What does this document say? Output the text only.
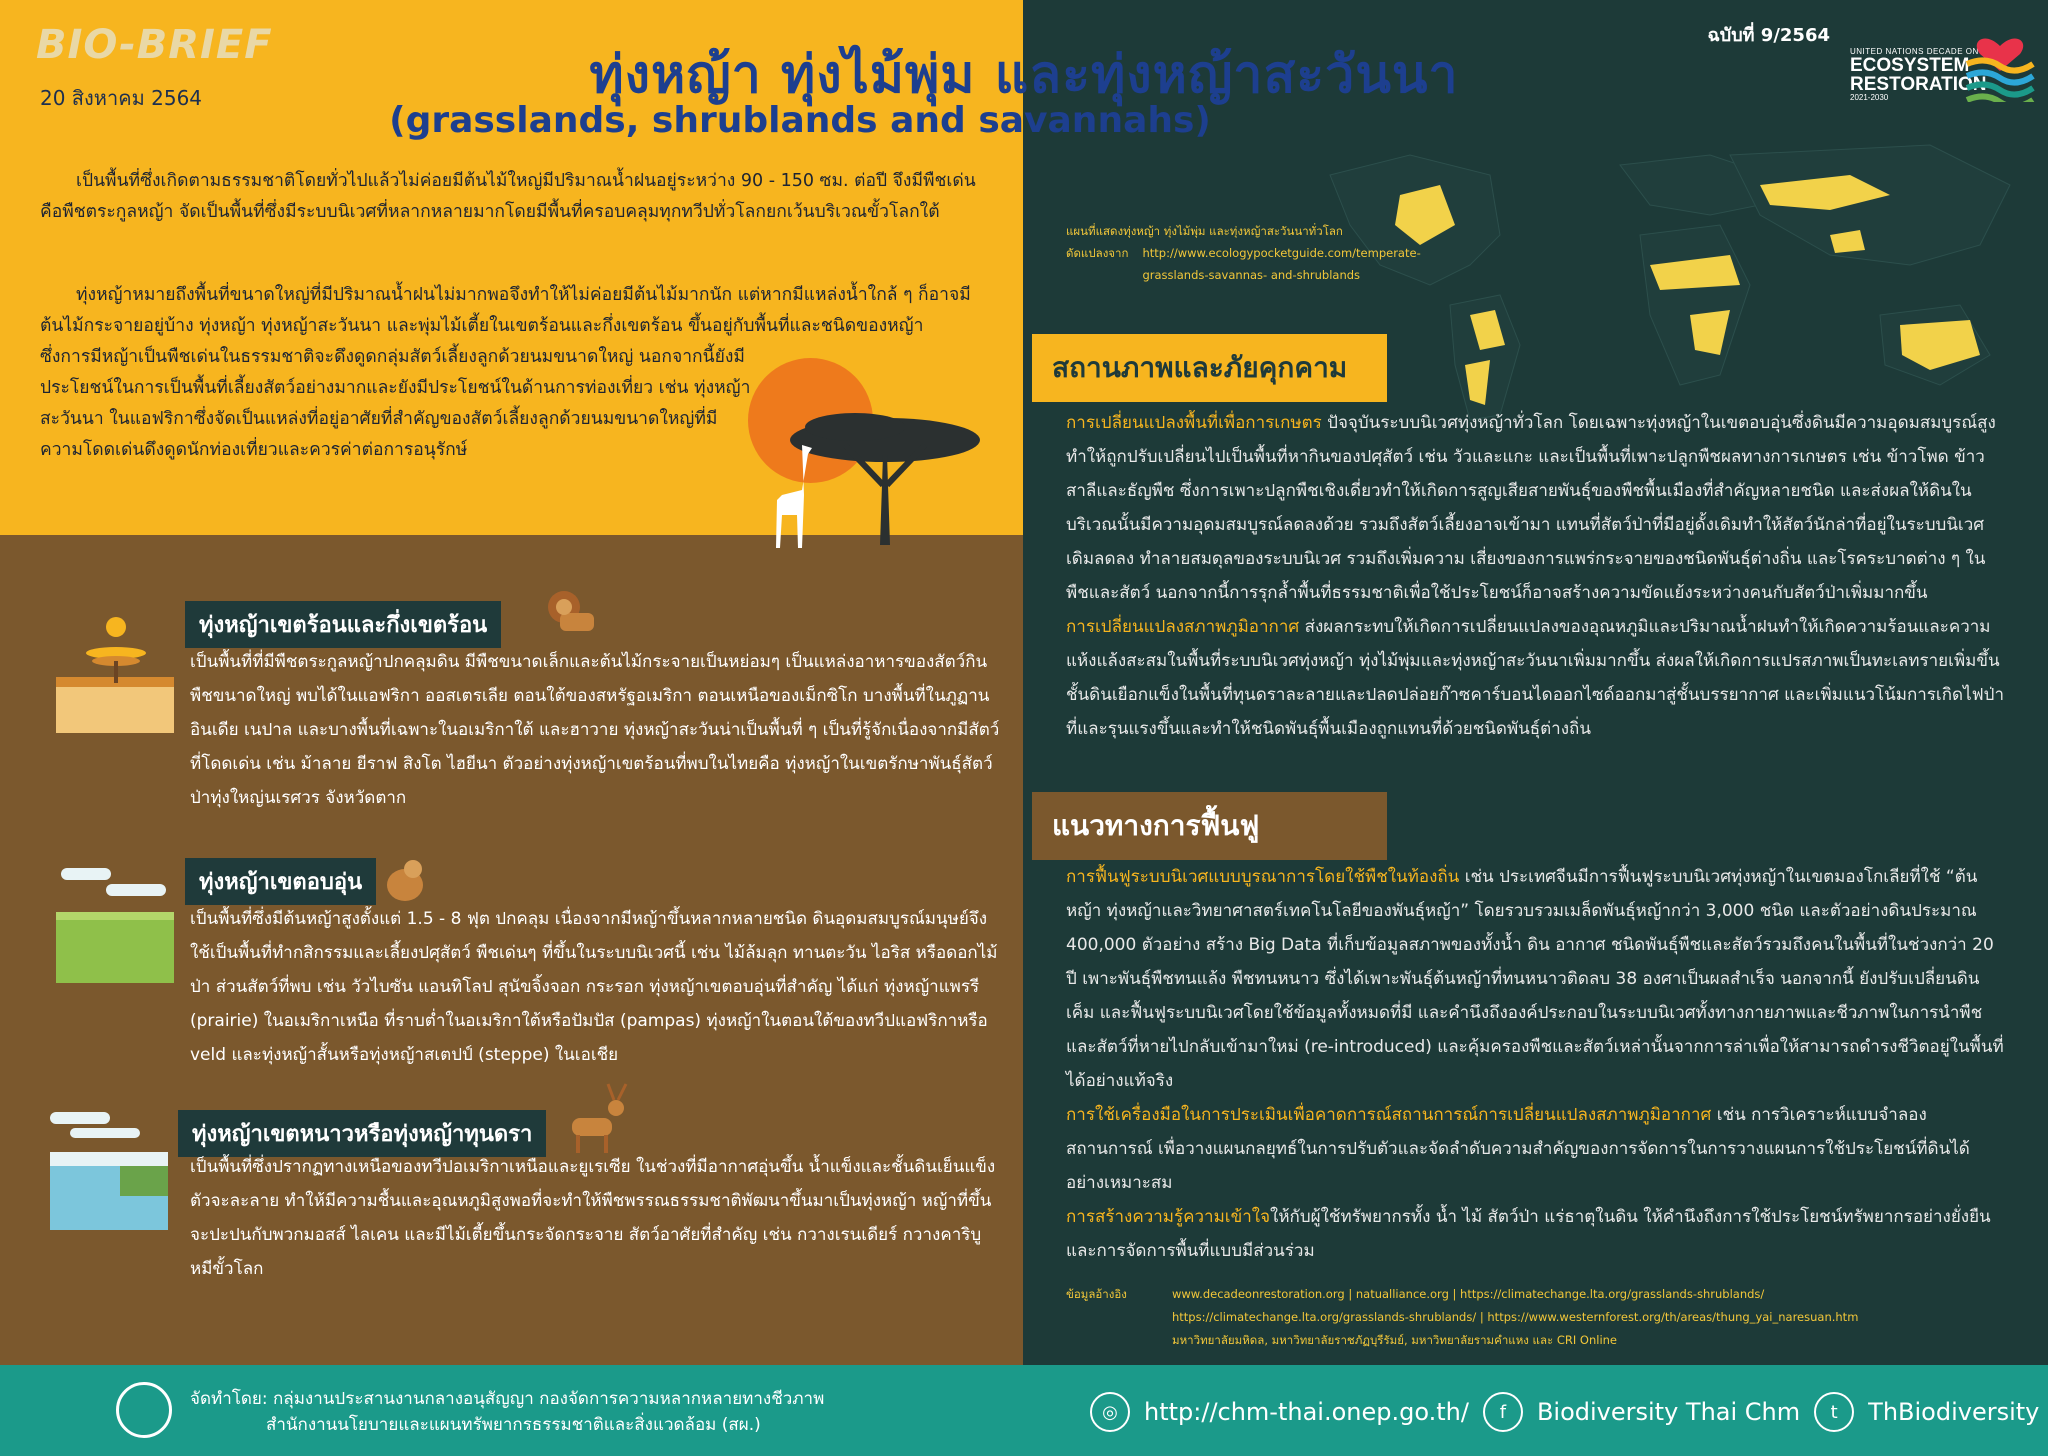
BIO-BRIEF
20 สิงหาคม 2564	ทุ่งหญ้า ทุ่งไม้พุ่ม และทุ่งหญ้าสะวันนา
(grasslands, shrublands and savannahs)
ฉบับที่ 9/2564
UNITED NATIONS DECADE ON
ECOSYSTEM
RESTORATION
2021-2030

เป็นพื้นที่ซึ่งเกิดตามธรรมชาติโดยทั่วไปแล้วไม่ค่อยมีต้นไม้ใหญ่มีปริมาณน้ำฝนอยู่ระหว่าง 90 - 150 ซม. ต่อปี จึงมีพืชเด่นคือพืชตระกูลหญ้า จัดเป็นพื้นที่ซึ่งมีระบบนิเวศที่หลากหลายมากโดยมีพื้นที่ครอบคลุมทุกทวีปทั่วโลกยกเว้นบริเวณขั้วโลกใต้

ทุ่งหญ้าหมายถึงพื้นที่ขนาดใหญ่ที่มีปริมาณน้ำฝนไม่มากพอจึงทำให้ไม่ค่อยมีต้นไม้มากนัก แต่หากมีแหล่งน้ำใกล้ ๆ ก็อาจมีต้นไม้กระจายอยู่บ้าง ทุ่งหญ้า ทุ่งหญ้าสะวันนา และพุ่มไม้เตี้ยในเขตร้อนและกึ่งเขตร้อน ขึ้นอยู่กับพื้นที่และชนิดของหญ้า
ซึ่งการมีหญ้าเป็นพืชเด่นในธรรมชาติจะดึงดูดกลุ่มสัตว์เลี้ยงลูกด้วยนมขนาดใหญ่ นอกจากนี้ยังมีประโยชน์ในการเป็นพื้นที่เลี้ยงสัตว์อย่างมากและยังมีประโยชน์ในด้านการท่องเที่ยว เช่น ทุ่งหญ้าสะวันนา ในแอฟริกาซึ่งจัดเป็นแหล่งที่อยู่อาศัยที่สำคัญของสัตว์เลี้ยงลูกด้วยนมขนาดใหญ่ที่มีความโดดเด่นดึงดูดนักท่องเที่ยวและควรค่าต่อการอนุรักษ์
ทุ่งหญ้าเขตร้อนและกึ่งเขตร้อน
เป็นพื้นที่ที่มีพืชตระกูลหญ้าปกคลุมดิน มีพืชขนาดเล็กและต้นไม้กระจายเป็นหย่อมๆ เป็นแหล่งอาหารของสัตว์กินพืชขนาดใหญ่ พบได้ในแอฟริกา ออสเตรเลีย ตอนใต้ของสหรัฐอเมริกา ตอนเหนือของเม็กซิโก บางพื้นที่ในภูฏาน อินเดีย เนปาล และบางพื้นที่เฉพาะในอเมริกาใต้ และฮาวาย ทุ่งหญ้าสะวันน่าเป็นพื้นที่ ๆ เป็นที่รู้จักเนื่องจากมีสัตว์ที่โดดเด่น เช่น ม้าลาย ยีราฟ สิงโต ไฮยีนา ตัวอย่างทุ่งหญ้าเขตร้อนที่พบในไทยคือ ทุ่งหญ้าในเขตรักษาพันธุ์สัตว์ป่าทุ่งใหญ่นเรศวร จังหวัดตาก
ทุ่งหญ้าเขตอบอุ่น
เป็นพื้นที่ซึ่งมีต้นหญ้าสูงตั้งแต่ 1.5 - 8 ฟุต ปกคลุม เนื่องจากมีหญ้าขึ้นหลากหลายชนิด ดินอุดมสมบูรณ์มนุษย์จึงใช้เป็นพื้นที่ทำกสิกรรมและเลี้ยงปศุสัตว์ พืชเด่นๆ ที่ขึ้นในระบบนิเวศนี้ เช่น ไม้ล้มลุก ทานตะวัน ไอริส หรือดอกไม้ป่า ส่วนสัตว์ที่พบ เช่น วัวไบซัน แอนทิโลป สุนัขจิ้งจอก กระรอก ทุ่งหญ้าเขตอบอุ่นที่สำคัญ ได้แก่ ทุ่งหญ้าแพรรี (prairie) ในอเมริกาเหนือ ที่ราบต่ำในอเมริกาใต้หรือปัมปัส (pampas) ทุ่งหญ้าในตอนใต้ของทวีปแอฟริกาหรือ veld และทุ่งหญ้าสั้นหรือทุ่งหญ้าสเตปป์ (steppe) ในเอเชีย
ทุ่งหญ้าเขตหนาวหรือทุ่งหญ้าทุนดรา
เป็นพื้นที่ซึ่งปรากฏทางเหนือของทวีปอเมริกาเหนือและยูเรเซีย ในช่วงที่มีอากาศอุ่นขึ้น น้ำแข็งและชั้นดินเย็นแข็งตัวจะละลาย ทำให้มีความชื้นและอุณหภูมิสูงพอที่จะทำให้พืชพรรณธรรมชาติพัฒนาขึ้นมาเป็นทุ่งหญ้า หญ้าที่ขึ้นจะปะปนกับพวกมอสส์ ไลเคน และมีไม้เตี้ยขึ้นกระจัดกระจาย สัตว์อาศัยที่สำคัญ เช่น กวางเรนเดียร์ กวางคาริบู หมีขั้วโลก
แผนที่แสดงทุ่งหญ้า ทุ่งไม้พุ่ม และทุ่งหญ้าสะวันนาทั่วโลก
ดัดแปลงจาก http://www.ecologypocketguide.com/temperate-grasslands-savannas- and-shrublands
สถานภาพและภัยคุกคาม
การเปลี่ยนแปลงพื้นที่เพื่อการเกษตร ปัจจุบันระบบนิเวศทุ่งหญ้าทั่วโลก โดยเฉพาะทุ่งหญ้าในเขตอบอุ่นซึ่งดินมีความอุดมสมบูรณ์สูงทำให้ถูกปรับเปลี่ยนไปเป็นพื้นที่หากินของปศุสัตว์ เช่น วัวและแกะ และเป็นพื้นที่เพาะปลูกพืชผลทางการเกษตร เช่น ข้าวโพด ข้าวสาลีและธัญพืช ซึ่งการเพาะปลูกพืชเชิงเดี่ยวทำให้เกิดการสูญเสียสายพันธุ์ของพืชพื้นเมืองที่สำคัญหลายชนิด และส่งผลให้ดินในบริเวณนั้นมีความอุดมสมบูรณ์ลดลงด้วย รวมถึงสัตว์เลี้ยงอาจเข้ามา แทนที่สัตว์ป่าที่มีอยู่ดั้งเดิมทำให้สัตว์นักล่าที่อยู่ในระบบนิเวศเดิมลดลง ทำลายสมดุลของระบบนิเวศ รวมถึงเพิ่มความ เสี่ยงของการแพร่กระจายของชนิดพันธุ์ต่างถิ่น และโรคระบาดต่าง ๆ ในพืชและสัตว์ นอกจากนี้การรุกล้ำพื้นที่ธรรมชาติเพื่อใช้ประโยชน์ก็อาจสร้างความขัดแย้งระหว่างคนกับสัตว์ป่าเพิ่มมากขึ้น
การเปลี่ยนแปลงสภาพภูมิอากาศ ส่งผลกระทบให้เกิดการเปลี่ยนแปลงของอุณหภูมิและปริมาณน้ำฝนทำให้เกิดความร้อนและความแห้งแล้งสะสมในพื้นที่ระบบนิเวศทุ่งหญ้า ทุ่งไม้พุ่มและทุ่งหญ้าสะวันนาเพิ่มมากขึ้น ส่งผลให้เกิดการแปรสภาพเป็นทะเลทรายเพิ่มขึ้น ชั้นดินเยือกแข็งในพื้นที่ทุนดราละลายและปลดปล่อยก๊าซคาร์บอนไดออกไซด์ออกมาสู่ชั้นบรรยากาศ และเพิ่มแนวโน้มการเกิดไฟป่าที่และรุนแรงขึ้นและทำให้ชนิดพันธุ์พื้นเมืองถูกแทนที่ด้วยชนิดพันธุ์ต่างถิ่น
แนวทางการฟื้นฟู
การฟื้นฟูระบบนิเวศแบบบูรณาการโดยใช้พืชในท้องถิ่น เช่น ประเทศจีนมีการฟื้นฟูระบบนิเวศทุ่งหญ้าในเขตมองโกเลียที่ใช้ “ต้นหญ้า ทุ่งหญ้าและวิทยาศาสตร์เทคโนโลยีของพันธุ์หญ้า” โดยรวบรวมเมล็ดพันธุ์หญ้ากว่า 3,000 ชนิด และตัวอย่างดินประมาณ 400,000 ตัวอย่าง สร้าง Big Data ที่เก็บข้อมูลสภาพของทั้งน้ำ ดิน อากาศ ชนิดพันธุ์พืชและสัตว์รวมถึงคนในพื้นที่ในช่วงกว่า 20 ปี เพาะพันธุ์พืชทนแล้ง พืชทนหนาว ซึ่งได้เพาะพันธุ์ต้นหญ้าที่ทนหนาวติดลบ 38 องศาเป็นผลสำเร็จ นอกจากนี้ ยังปรับเปลี่ยนดินเค็ม และฟื้นฟูระบบนิเวศโดยใช้ข้อมูลทั้งหมดที่มี และคำนึงถึงองค์ประกอบในระบบนิเวศทั้งทางกายภาพและชีวภาพในการนำพืชและสัตว์ที่หายไปกลับเข้ามาใหม่ (re-introduced) และคุ้มครองพืชและสัตว์เหล่านั้นจากการล่าเพื่อให้สามารถดำรงชีวิตอยู่ในพื้นที่ได้อย่างแท้จริง
การใช้เครื่องมือในการประเมินเพื่อคาดการณ์สถานการณ์การเปลี่ยนแปลงสภาพภูมิอากาศ เช่น การวิเคราะห์แบบจำลองสถานการณ์ เพื่อวางแผนกลยุทธ์ในการปรับตัวและจัดลำดับความสำคัญของการจัดการในการวางแผนการใช้ประโยชน์ที่ดินได้อย่างเหมาะสม
การสร้างความรู้ความเข้าใจให้กับผู้ใช้ทรัพยากรทั้ง น้ำ ไม้ สัตว์ป่า แร่ธาตุในดิน ให้คำนึงถึงการใช้ประโยชน์ทรัพยากรอย่างยั่งยืนและการจัดการพื้นที่แบบมีส่วนร่วม
ข้อมูลอ้างอิง	www.decadeonrestoration.org | natualliance.org | https://climatechange.lta.org/grasslands-shrublands/
https://climatechange.lta.org/grasslands-shrublands/ | https://www.westernforest.org/th/areas/thung_yai_naresuan.htm
มหาวิทยาลัยมหิดล, มหาวิทยาลัยราชภัฏบุรีรัมย์, มหาวิทยาลัยรามคำแหง และ CRI Online
จัดทำโดย: กลุ่มงานประสานงานกลางอนุสัญญา กองจัดการความหลากหลายทางชีวภาพ
สำนักงานนโยบายและแผนทรัพยากรธรรมชาติและสิ่งแวดล้อม (สผ.)
◎	http://chm-thai.onep.go.th/	f	Biodiversity Thai Chm	t	ThBiodiversity
